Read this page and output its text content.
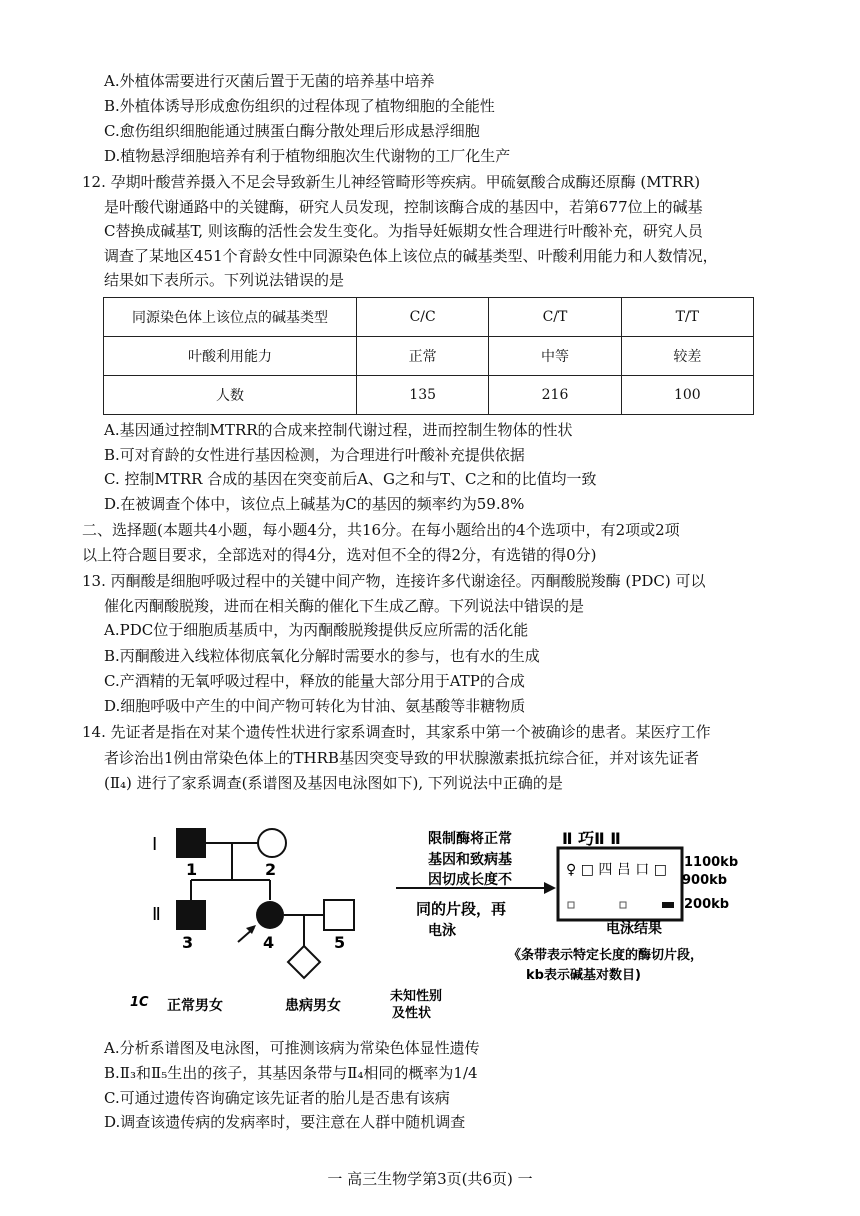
A.外植体需要进行灭菌后置于无菌的培养基中培养
B.外植体诱导形成愈伤组织的过程体现了植物细胞的全能性
C.愈伤组织细胞能通过胰蛋白酶分散处理后形成悬浮细胞
D.植物悬浮细胞培养有利于植物细胞次生代谢物的工厂化生产
12. 孕期叶酸营养摄入不足会导致新生儿神经管畸形等疾病。甲硫氨酸合成酶还原酶 (MTRR)
是叶酸代谢通路中的关键酶，研究人员发现，控制该酶合成的基因中，若第677位上的碱基
C替换成碱基T, 则该酶的活性会发生变化。为指导妊娠期女性合理进行叶酸补充，研究人员
调查了某地区451个育龄女性中同源染色体上该位点的碱基类型、叶酸利用能力和人数情况，
结果如下表所示。下列说法错误的是
同源染色体上该位点的碱基类型	C/C	C/T	T/T
叶酸利用能力	正常	中等	较差
人数	135	216	100
A.基因通过控制MTRR的合成来控制代谢过程，进而控制生物体的性状
B.可对育龄的女性进行基因检测，为合理进行叶酸补充提供依据
C. 控制MTRR 合成的基因在突变前后A、G之和与T、C之和的比值均一致
D.在被调查个体中，该位点上碱基为C的基因的频率约为59.8%
二、选择题(本题共4小题，每小题4分，共16分。在每小题给出的4个选项中，有2项或2项
以上符合题目要求，全部选对的得4分，选对但不全的得2分，有选错的得0分)
13. 丙酮酸是细胞呼吸过程中的关键中间产物，连接许多代谢途径。丙酮酸脱羧酶 (PDC) 可以
催化丙酮酸脱羧，进而在相关酶的催化下生成乙醇。下列说法中错误的是
A.PDC位于细胞质基质中，为丙酮酸脱羧提供反应所需的活化能
B.丙酮酸进入线粒体彻底氧化分解时需要水的参与，也有水的生成
C.产酒精的无氧呼吸过程中，释放的能量大部分用于ATP的合成
D.细胞呼吸中产生的中间产物可转化为甘油、氨基酸等非糖物质
14. 先证者是指在对某个遗传性状进行家系调查时，其家系中第一个被确诊的患者。某医疗工作
者诊治出1例由常染色体上的THRB基因突变导致的甲状腺激素抵抗综合征，并对该先证者
(Ⅱ₄) 进行了家系调查(系谱图及基因电泳图如下), 下列说法中正确的是
I
Ⅱ
1	2
3	4	5
限制酶将正常
基因和致病基
因切成长度不
同的片段，再
电泳
Ⅱ 巧Ⅱ Ⅱ
♀ □ 四 吕 口 □ 1100kb
900kb
200kb
电泳结果
《条带表示特定长度的酶切片段，
kb表示碱基对数目)
1C 正常男女	患病男女
未知性别
及性状
A.分析系谱图及电泳图，可推测该病为常染色体显性遗传
B.Ⅱ₃和Ⅱ₅生出的孩子，其基因条带与Ⅱ₄相同的概率为1/4
C.可通过遗传咨询确定该先证者的胎儿是否患有该病
D.调查该遗传病的发病率时，要注意在人群中随机调查
一 高三生物学第3页(共6页) 一
